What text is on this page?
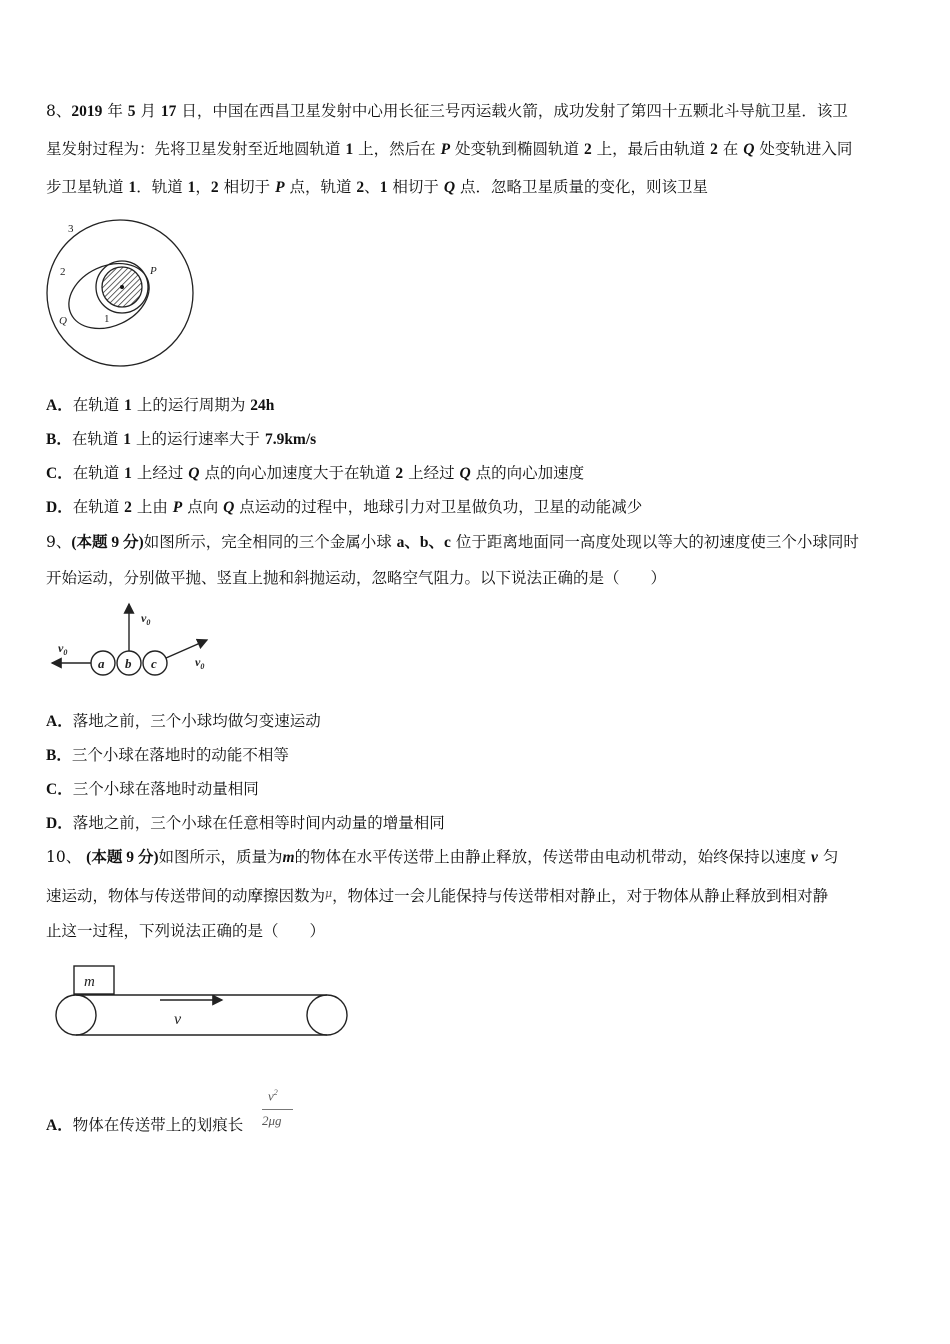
8、2019 年 5 月 17 日，中国在西昌卫星发射中心用长征三号丙运载火箭，成功发射了第四十五颗北斗导航卫星．该卫
星发射过程为：先将卫星发射至近地圆轨道 1 上，然后在 P 处变轨到椭圆轨道 2 上，最后由轨道 2 在 Q 处变轨进入同
步卫星轨道 1．轨道 1，2 相切于 P 点，轨道 2、1 相切于 Q 点．忽略卫星质量的变化，则该卫星
3
2	P
Q	1
A．在轨道 1 上的运行周期为 24h
B．在轨道 1 上的运行速率大于 7.9km/s
C．在轨道 1 上经过 Q 点的向心加速度大于在轨道 2 上经过 Q 点的向心加速度
D．在轨道 2 上由 P 点向 Q 点运动的过程中，地球引力对卫星做负功，卫星的动能减少
9、(本题 9 分)如图所示，完全相同的三个金属小球 a、b、c 位于距离地面同一高度处现以等大的初速度使三个小球同时
开始运动，分别做平抛、竖直上抛和斜抛运动，忽略空气阻力。以下说法正确的是（　　）
a b c
$v_0$
$v_0$
$v_0$
A．落地之前，三个小球均做匀变速运动
B．三个小球在落地时的动能不相等
C．三个小球在落地时动量相同
D．落地之前，三个小球在任意相等时间内动量的增量相同
10、 (本题 9 分)如图所示，质量为m的物体在水平传送带上由静止释放，传送带由电动机带动，始终保持以速度 v 匀
速运动，物体与传送带间的动摩擦因数为$^\mu$，物体过一会儿能保持与传送带相对静止，对于物体从静止释放到相对静
止这一过程，下列说法正确的是（　　）
m
v
A．物体在传送带上的划痕长
$v^2$
2μg
